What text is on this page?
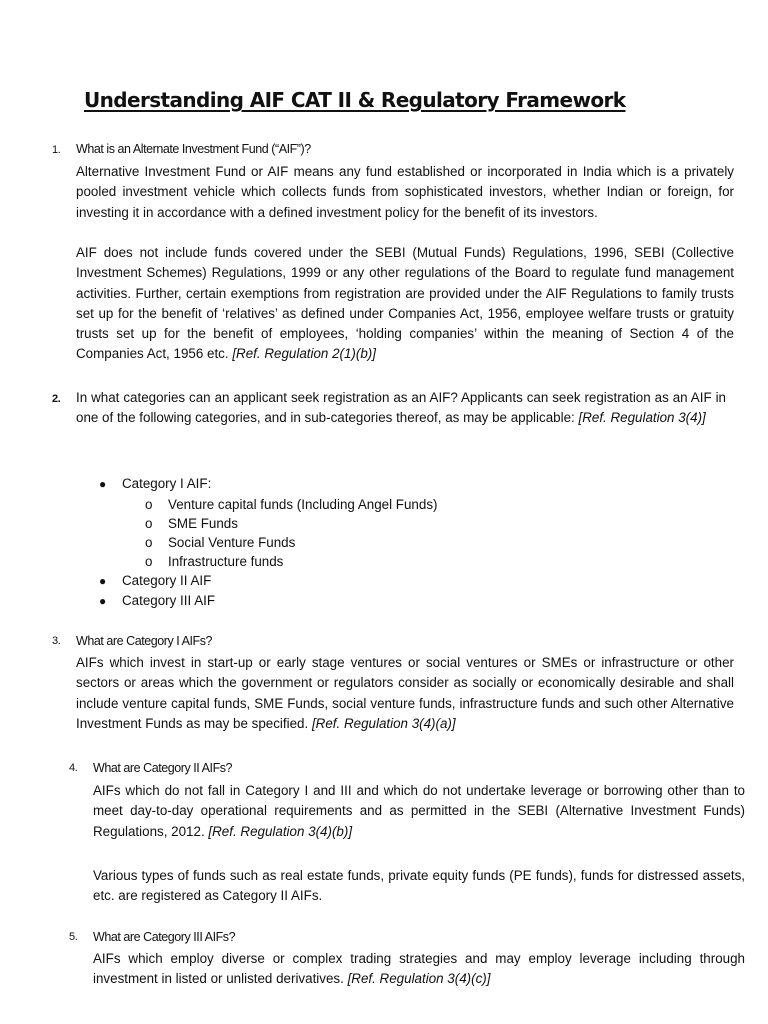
Understanding AIF CAT II & Regulatory Framework
1. What is an Alternate Investment Fund (“AIF”)?

Alternative Investment Fund or AIF means any fund established or incorporated in India which is a privately pooled investment vehicle which collects funds from sophisticated investors, whether Indian or foreign, for investing it in accordance with a defined investment policy for the benefit of its investors.

AIF does not include funds covered under the SEBI (Mutual Funds) Regulations, 1996, SEBI (Collective Investment Schemes) Regulations, 1999 or any other regulations of the Board to regulate fund management activities. Further, certain exemptions from registration are provided under the AIF Regulations to family trusts set up for the benefit of ‘relatives’ as defined under Companies Act, 1956, employee welfare trusts or gratuity trusts set up for the benefit of employees, ‘holding companies’ within the meaning of Section 4 of the Companies Act, 1956 etc. [Ref. Regulation 2(1)(b)]

2. In what categories can an applicant seek registration as an AIF? Applicants can seek registration as an AIF in one of the following categories, and in sub-categories thereof, as may be applicable: [Ref. Regulation 3(4)]

● Category I AIF:
o Venture capital funds (Including Angel Funds)
o SME Funds
o Social Venture Funds
o Infrastructure funds
● Category II AIF
● Category III AIF
3. What are Category I AIFs?

AIFs which invest in start-up or early stage ventures or social ventures or SMEs or infrastructure or other sectors or areas which the government or regulators consider as socially or economically desirable and shall include venture capital funds, SME Funds, social venture funds, infrastructure funds and such other Alternative Investment Funds as may be specified. [Ref. Regulation 3(4)(a)]

4. What are Category II AIFs?

AIFs which do not fall in Category I and III and which do not undertake leverage or borrowing other than to meet day-to-day operational requirements and as permitted in the SEBI (Alternative Investment Funds) Regulations, 2012. [Ref. Regulation 3(4)(b)]

Various types of funds such as real estate funds, private equity funds (PE funds), funds for distressed assets, etc. are registered as Category II AIFs.

5. What are Category III AIFs?

AIFs which employ diverse or complex trading strategies and may employ leverage including through investment in listed or unlisted derivatives. [Ref. Regulation 3(4)(c)]
